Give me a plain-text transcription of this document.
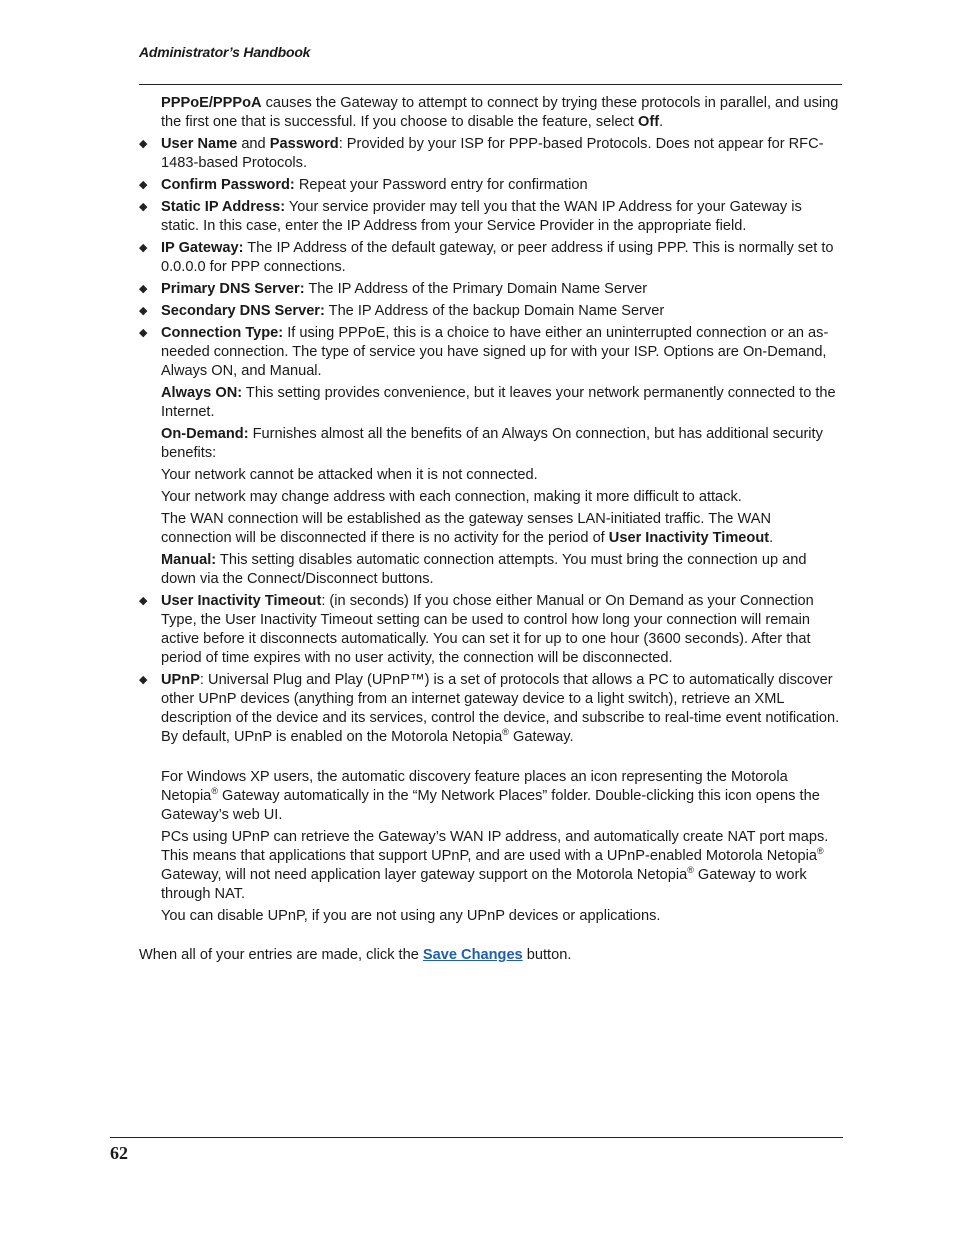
Administrator’s Handbook

PPPoE/PPPoA causes the Gateway to attempt to connect by trying these protocols in parallel, and using the first one that is successful. If you choose to disable the feature, select Off.

◆ User Name and Password: Provided by your ISP for PPP-based Protocols. Does not appear for RFC-1483-based Protocols.
◆ Confirm Password: Repeat your Password entry for confirmation
◆ Static IP Address: Your service provider may tell you that the WAN IP Address for your Gateway is static. In this case, enter the IP Address from your Service Provider in the appropriate field.
◆ IP Gateway: The IP Address of the default gateway, or peer address if using PPP. This is normally set to 0.0.0.0 for PPP connections.
◆ Primary DNS Server: The IP Address of the Primary Domain Name Server
◆ Secondary DNS Server: The IP Address of the backup Domain Name Server
◆ Connection Type: If using PPPoE, this is a choice to have either an uninterrupted connection or an as-needed connection. The type of service you have signed up for with your ISP. Options are On-Demand, Always ON, and Manual.

Always ON: This setting provides convenience, but it leaves your network permanently connected to the Internet.

On-Demand: Furnishes almost all the benefits of an Always On connection, but has additional security benefits:

Your network cannot be attacked when it is not connected.

Your network may change address with each connection, making it more difficult to attack.

The WAN connection will be established as the gateway senses LAN-initiated traffic. The WAN connection will be disconnected if there is no activity for the period of User Inactivity Timeout.

Manual: This setting disables automatic connection attempts. You must bring the connection up and down via the Connect/Disconnect buttons.

◆ User Inactivity Timeout: (in seconds) If you chose either Manual or On Demand as your Connection Type, the User Inactivity Timeout setting can be used to control how long your connection will remain active before it disconnects automatically. You can set it for up to one hour (3600 seconds). After that period of time expires with no user activity, the connection will be disconnected.
◆ UPnP: Universal Plug and Play (UPnP™) is a set of protocols that allows a PC to automatically discover other UPnP devices (anything from an internet gateway device to a light switch), retrieve an XML description of the device and its services, control the device, and subscribe to real-time event notification. By default, UPnP is enabled on the Motorola Netopia® Gateway.

For Windows XP users, the automatic discovery feature places an icon representing the Motorola Netopia® Gateway automatically in the “My Network Places” folder. Double-clicking this icon opens the Gateway’s web UI.

PCs using UPnP can retrieve the Gateway’s WAN IP address, and automatically create NAT port maps. This means that applications that support UPnP, and are used with a UPnP-enabled Motorola Netopia® Gateway, will not need application layer gateway support on the Motorola Netopia® Gateway to work through NAT.

You can disable UPnP, if you are not using any UPnP devices or applications.

When all of your entries are made, click the Save Changes button.

62
